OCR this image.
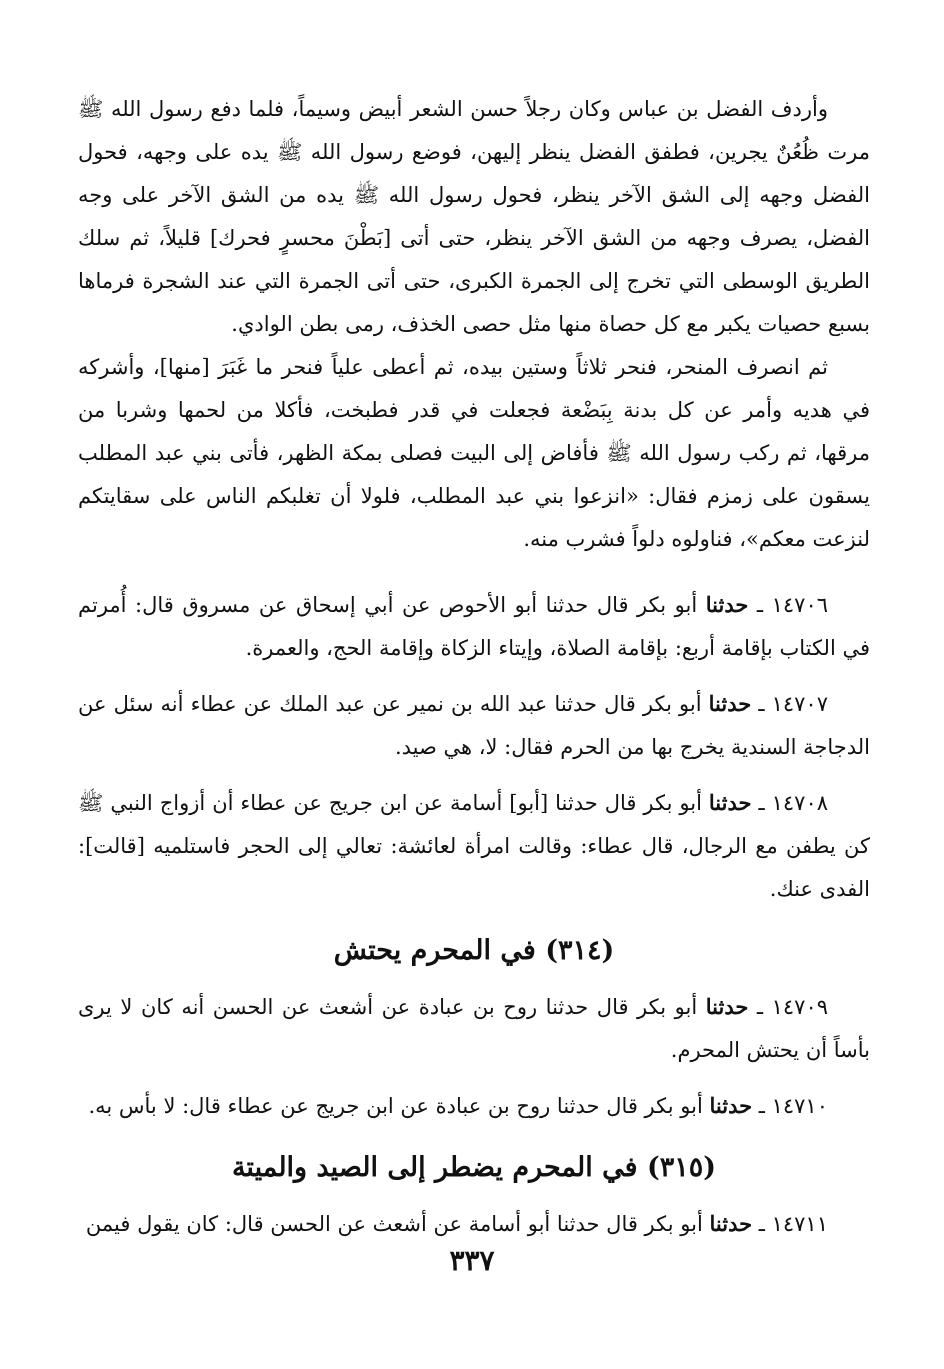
وأردف الفضل بن عباس وكان رجلاً حسن الشعر أبيض وسيماً، فلما دفع رسول الله ﷺ مرت ظُعُنٌ يجرين، فطفق الفضل ينظر إليهن، فوضع رسول الله ﷺ يده على وجهه، فحول الفضل وجهه إلى الشق الآخر ينظر، فحول رسول الله ﷺ يده من الشق الآخر على وجه الفضل، يصرف وجهه من الشق الآخر ينظر، حتى أتى [بَطْنَ محسرٍ فحرك] قليلاً، ثم سلك الطريق الوسطى التي تخرج إلى الجمرة الكبرى، حتى أتى الجمرة التي عند الشجرة فرماها بسبع حصيات يكبر مع كل حصاة منها مثل حصى الخذف، رمى بطن الوادي.

ثم انصرف المنحر، فنحر ثلاثاً وستين بيده، ثم أعطى علياً فنحر ما غَبَرَ [منها]، وأشركه في هديه وأمر عن كل بدنة بِبَضْعة فجعلت في قدر فطبخت، فأكلا من لحمها وشربا من مرقها، ثم ركب رسول الله ﷺ فأفاض إلى البيت فصلى بمكة الظهر، فأتى بني عبد المطلب يسقون على زمزم فقال: «انزعوا بني عبد المطلب، فلولا أن تغلبكم الناس على سقايتكم لنزعت معكم»، فناولوه دلواً فشرب منه.

١٤٧٠٦ ـ حدثنا أبو بكر قال حدثنا أبو الأحوص عن أبي إسحاق عن مسروق قال: أُمرتم في الكتاب بإقامة أربع: بإقامة الصلاة، وإيتاء الزكاة وإقامة الحج، والعمرة.

١٤٧٠٧ ـ حدثنا أبو بكر قال حدثنا عبد الله بن نمير عن عبد الملك عن عطاء أنه سئل عن الدجاجة السندية يخرج بها من الحرم فقال: لا، هي صيد.

١٤٧٠٨ ـ حدثنا أبو بكر قال حدثنا [أبو] أسامة عن ابن جريج عن عطاء أن أزواج النبي ﷺ كن يطفن مع الرجال، قال عطاء: وقالت امرأة لعائشة: تعالي إلى الحجر فاستلميه [قالت]: الفدى عنك.

(٣١٤) في المحرم يحتش

١٤٧٠٩ ـ حدثنا أبو بكر قال حدثنا روح بن عبادة عن أشعث عن الحسن أنه كان لا يرى بأساً أن يحتش المحرم.

١٤٧١٠ ـ حدثنا أبو بكر قال حدثنا روح بن عبادة عن ابن جريج عن عطاء قال: لا بأس به.

(٣١٥) في المحرم يضطر إلى الصيد والميتة

١٤٧١١ ـ حدثنا أبو بكر قال حدثنا أبو أسامة عن أشعث عن الحسن قال: كان يقول فيمن

٣٣٧
